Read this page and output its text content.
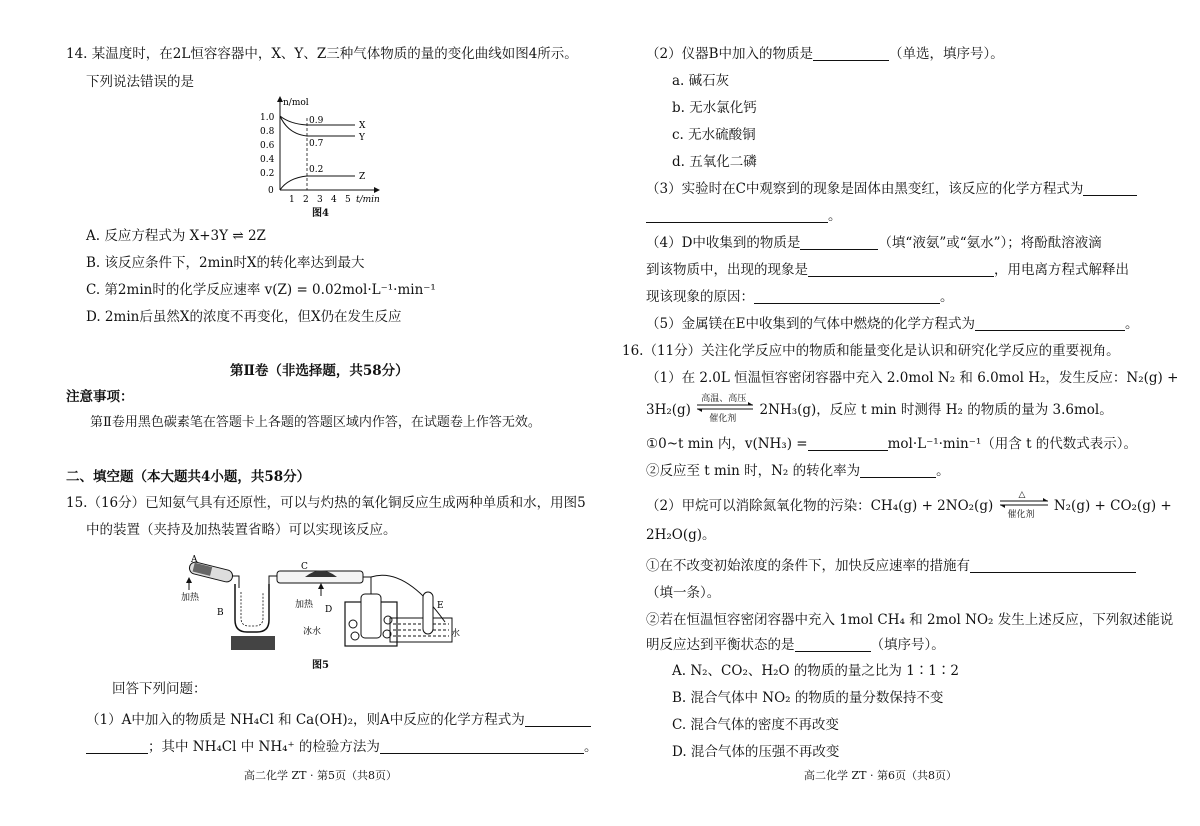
14. 某温度时，在2L恒容容器中，X、Y、Z三种气体物质的量的变化曲线如图4所示。
下列说法错误的是
n/mol
1.0
0.8
0.6
0.4
0.2
0
1 2 3 4 5 t/min
0.9
0.7
0.2
X
Y
Z
图4
A. 反应方程式为 X+3Y ⇌ 2Z
B. 该反应条件下，2min时X的转化率达到最大
C. 第2min时的化学反应速率 v(Z) = 0.02mol·L⁻¹·min⁻¹
D. 2min后虽然X的浓度不再变化，但X仍在发生反应
第Ⅱ卷（非选择题，共58分）
注意事项：
第Ⅱ卷用黑色碳素笔在答题卡上各题的答题区域内作答，在试题卷上作答无效。
二、填空题（本大题共4小题，共58分）
15.（16分）已知氨气具有还原性，可以与灼热的氧化铜反应生成两种单质和水，用图5
中的装置（夹持及加热装置省略）可以实现该反应。
A
加热
B
C
加热 D
冰水
E
水
图5
回答下列问题：
（1）A中加入的物质是 NH₄Cl 和 Ca(OH)₂，则A中反应的化学方程式为
；其中 NH₄Cl 中 NH₄⁺ 的检验方法为	。
高二化学 ZT · 第5页（共8页）
（2）仪器B中加入的物质是	（单选，填序号）。
a. 碱石灰
b. 无水氯化钙
c. 无水硫酸铜
d. 五氧化二磷
（3）实验时在C中观察到的现象是固体由黑变红，该反应的化学方程式为
。
（4）D中收集到的物质是	（填“液氨”或“氨水”）；将酚酞溶液滴
到该物质中，出现的现象是	，用电离方程式解释出
现该现象的原因：	。
（5）金属镁在E中收集到的气体中燃烧的化学方程式为	。
16.（11分）关注化学反应中的物质和能量变化是认识和研究化学反应的重要视角。
（1）在 2.0L 恒温恒容密闭容器中充入 2.0mol N₂ 和 6.0mol H₂，发生反应：N₂(g) +
3H₂(g)
高温、高压
催化剂
2NH₃(g)，反应 t min 时测得 H₂ 的物质的量为 3.6mol。
①0~t min 内，v(NH₃) =	mol·L⁻¹·min⁻¹（用含 t 的代数式表示）。
②反应至 t min 时，N₂ 的转化率为	。
（2）甲烷可以消除氮氧化物的污染：CH₄(g) + 2NO₂(g)
△
催化剂
N₂(g) + CO₂(g) +
2H₂O(g)。
①在不改变初始浓度的条件下，加快反应速率的措施有
（填一条）。
②若在恒温恒容密闭容器中充入 1mol CH₄ 和 2mol NO₂ 发生上述反应，下列叙述能说
明反应达到平衡状态的是	（填序号）。
A. N₂、CO₂、H₂O 的物质的量之比为 1∶1∶2
B. 混合气体中 NO₂ 的物质的量分数保持不变
C. 混合气体的密度不再改变
D. 混合气体的压强不再改变
高二化学 ZT · 第6页（共8页）
